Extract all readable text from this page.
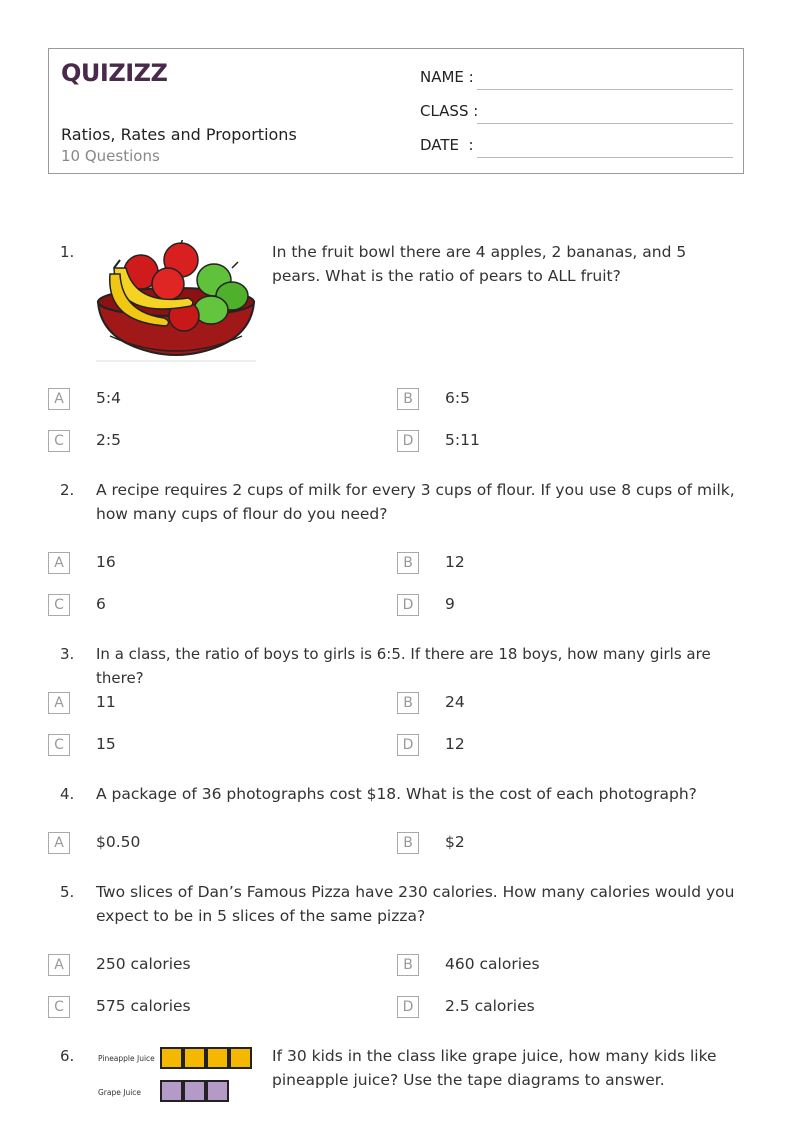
QUIZIZZ
Ratios, Rates and Proportions
10 Questions
NAME :
CLASS :
DATE  :
1.	In the fruit bowl there are 4 apples, 2 bananas, and 5 pears. What is the ratio of pears to ALL fruit?
A	5:4	B	6:5
C	2:5	D	5:11
2. A recipe requires 2 cups of milk for every 3 cups of flour. If you use 8 cups of milk, how many cups of flour do you need?
A	16	B	12
C	6	D	9
3. In a class, the ratio of boys to girls is 6:5. If there are 18 boys, how many girls are there?
A	11	B	24
C	15	D	12
4. A package of 36 photographs cost $18. What is the cost of each photograph?
A	$0.50	B	$2
5. Two slices of Dan’s Famous Pizza have 230 calories. How many calories would you expect to be in 5 slices of the same pizza?
A	250 calories	B	460 calories
C	575 calories	D	2.5 calories
6.	Pineapple Juice
Grape Juice
If 30 kids in the class like grape juice, how many kids like pineapple juice? Use the tape diagrams to answer.
